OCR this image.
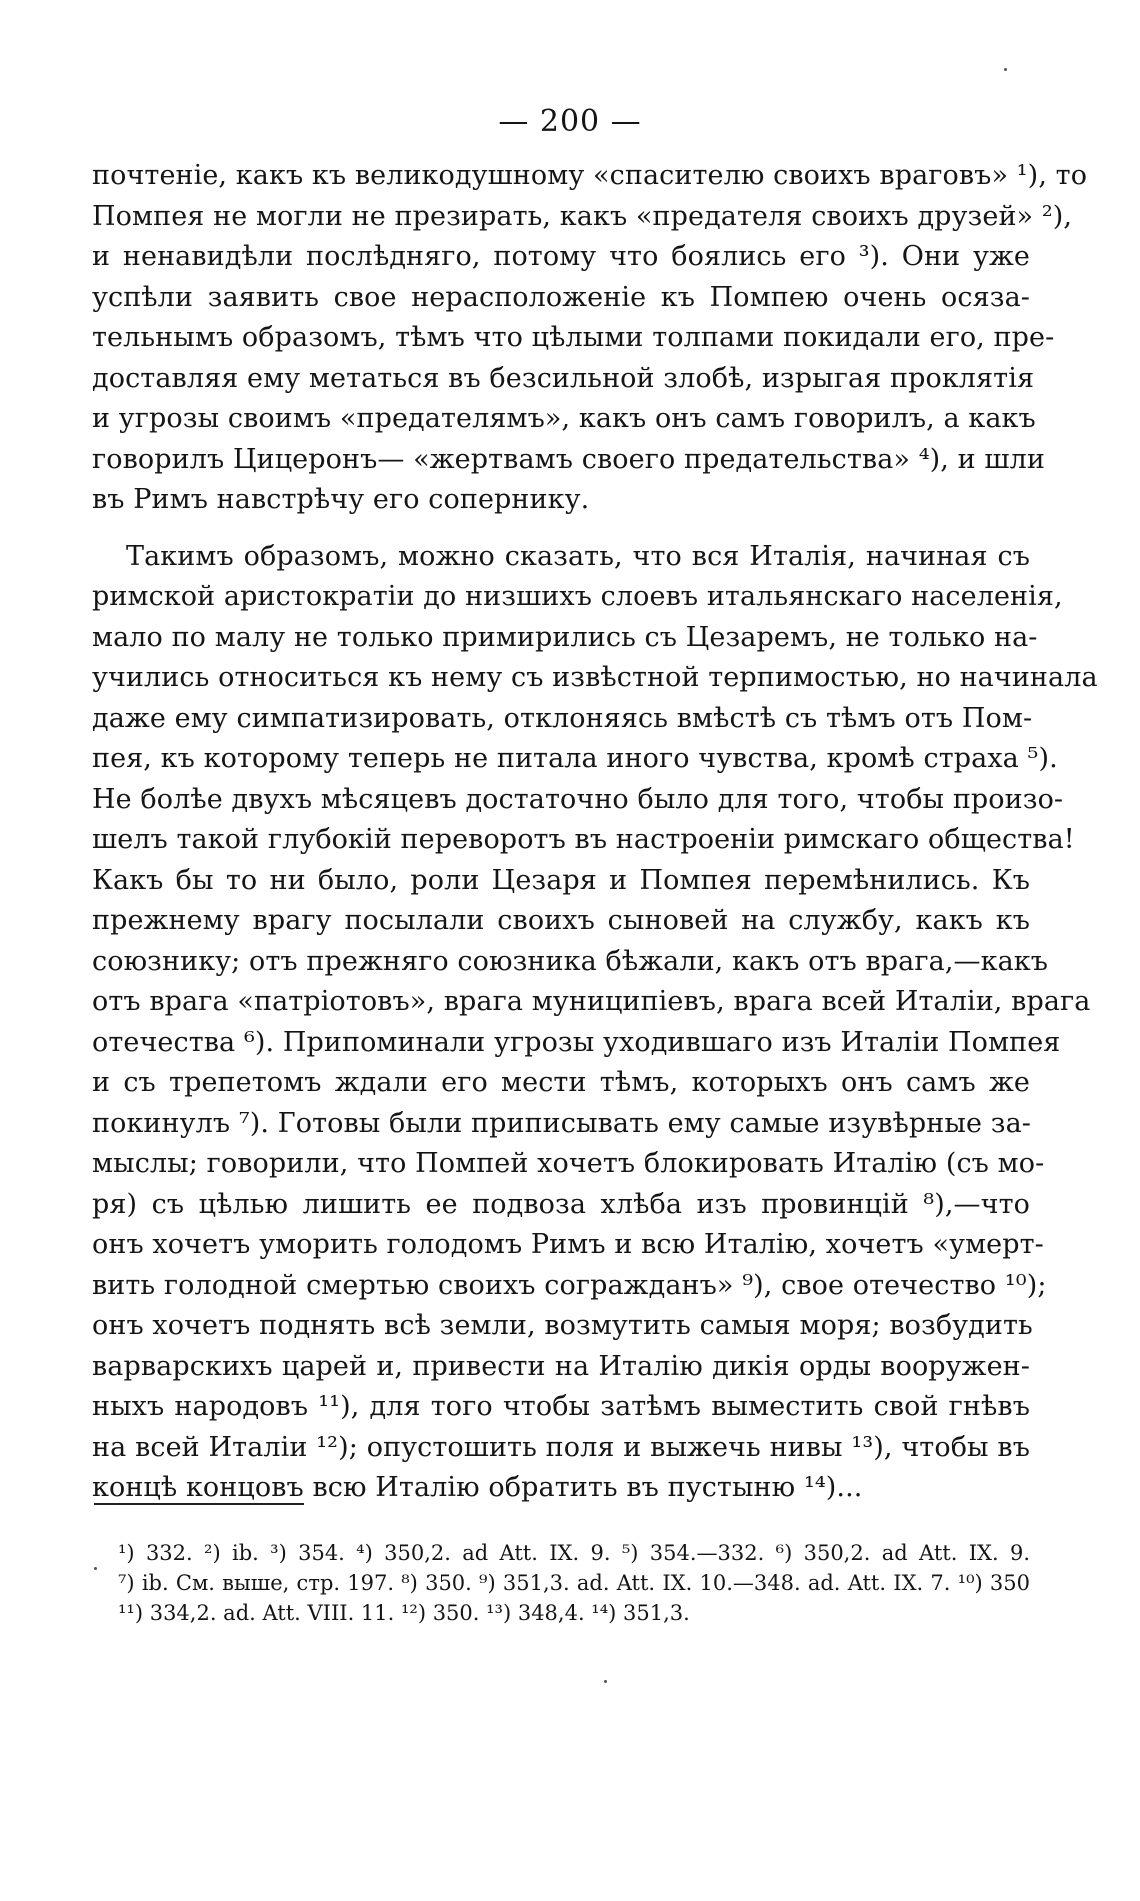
— 200 —
почтеніе, какъ къ великодушному «спасителю своихъ враговъ» ¹), то
Помпея не могли не презирать, какъ «предателя своихъ друзей» ²),
и ненавидѣли послѣдняго, потому что боялись его ³). Они уже
успѣли заявить свое нерасположеніе къ Помпею очень осяза-
тельнымъ образомъ, тѣмъ что цѣлыми толпами покидали его, пре-
доставляя ему метаться въ безсильной злобѣ, изрыгая проклятія
и угрозы своимъ «предателямъ», какъ онъ самъ говорилъ, а какъ
говорилъ Цицеронъ— «жертвамъ своего предательства» ⁴), и шли
въ Римъ навстрѣчу его сопернику.
Такимъ образомъ, можно сказать, что вся Италія, начиная съ
римской аристократіи до низшихъ слоевъ итальянскаго населенія,
мало по малу не только примирились съ Цезаремъ, не только на-
учились относиться къ нему съ извѣстной терпимостью, но начинала
даже ему симпатизировать, отклоняясь вмѣстѣ съ тѣмъ отъ Пом-
пея, къ которому теперь не питала иного чувства, кромѣ страха ⁵).
Не болѣе двухъ мѣсяцевъ достаточно было для того, чтобы произо-
шелъ такой глубокій переворотъ въ настроеніи римскаго общества!
Какъ бы то ни было, роли Цезаря и Помпея перемѣнились. Къ
прежнему врагу посылали своихъ сыновей на службу, какъ къ
союзнику; отъ прежняго союзника бѣжали, какъ отъ врага,—какъ
отъ врага «патріотовъ», врага муниципіевъ, врага всей Италіи, врага
отечества ⁶). Припоминали угрозы уходившаго изъ Италіи Помпея
и съ трепетомъ ждали его мести тѣмъ, которыхъ онъ самъ же
покинулъ ⁷). Готовы были приписывать ему самые изувѣрные за-
мыслы; говорили, что Помпей хочетъ блокировать Италію (съ мо-
ря) съ цѣлью лишить ее подвоза хлѣба изъ провинцій ⁸),—что
онъ хочетъ уморить голодомъ Римъ и всю Италію, хочетъ «умерт-
вить голодной смертью своихъ согражданъ» ⁹), свое отечество ¹⁰);
онъ хочетъ поднять всѣ земли, возмутить самыя моря; возбудить
варварскихъ царей и, привести на Италію дикія орды вооружен-
ныхъ народовъ ¹¹), для того чтобы затѣмъ выместить свой гнѣвъ
на всей Италіи ¹²); опустошить поля и выжечь нивы ¹³), чтобы въ
концѣ концовъ всю Италію обратить въ пустыню ¹⁴)...
¹) 332. ²) ib. ³) 354. ⁴) 350,2. ad Att. IX. 9. ⁵) 354.—332. ⁶) 350,2. ad Att. IX. 9.
⁷) ib. См. выше, стр. 197. ⁸) 350. ⁹) 351,3. ad. Att. IX. 10.—348. ad. Att. IX. 7. ¹⁰) 350
¹¹) 334,2. ad. Att. VIII. 11. ¹²) 350. ¹³) 348,4. ¹⁴) 351,3.
